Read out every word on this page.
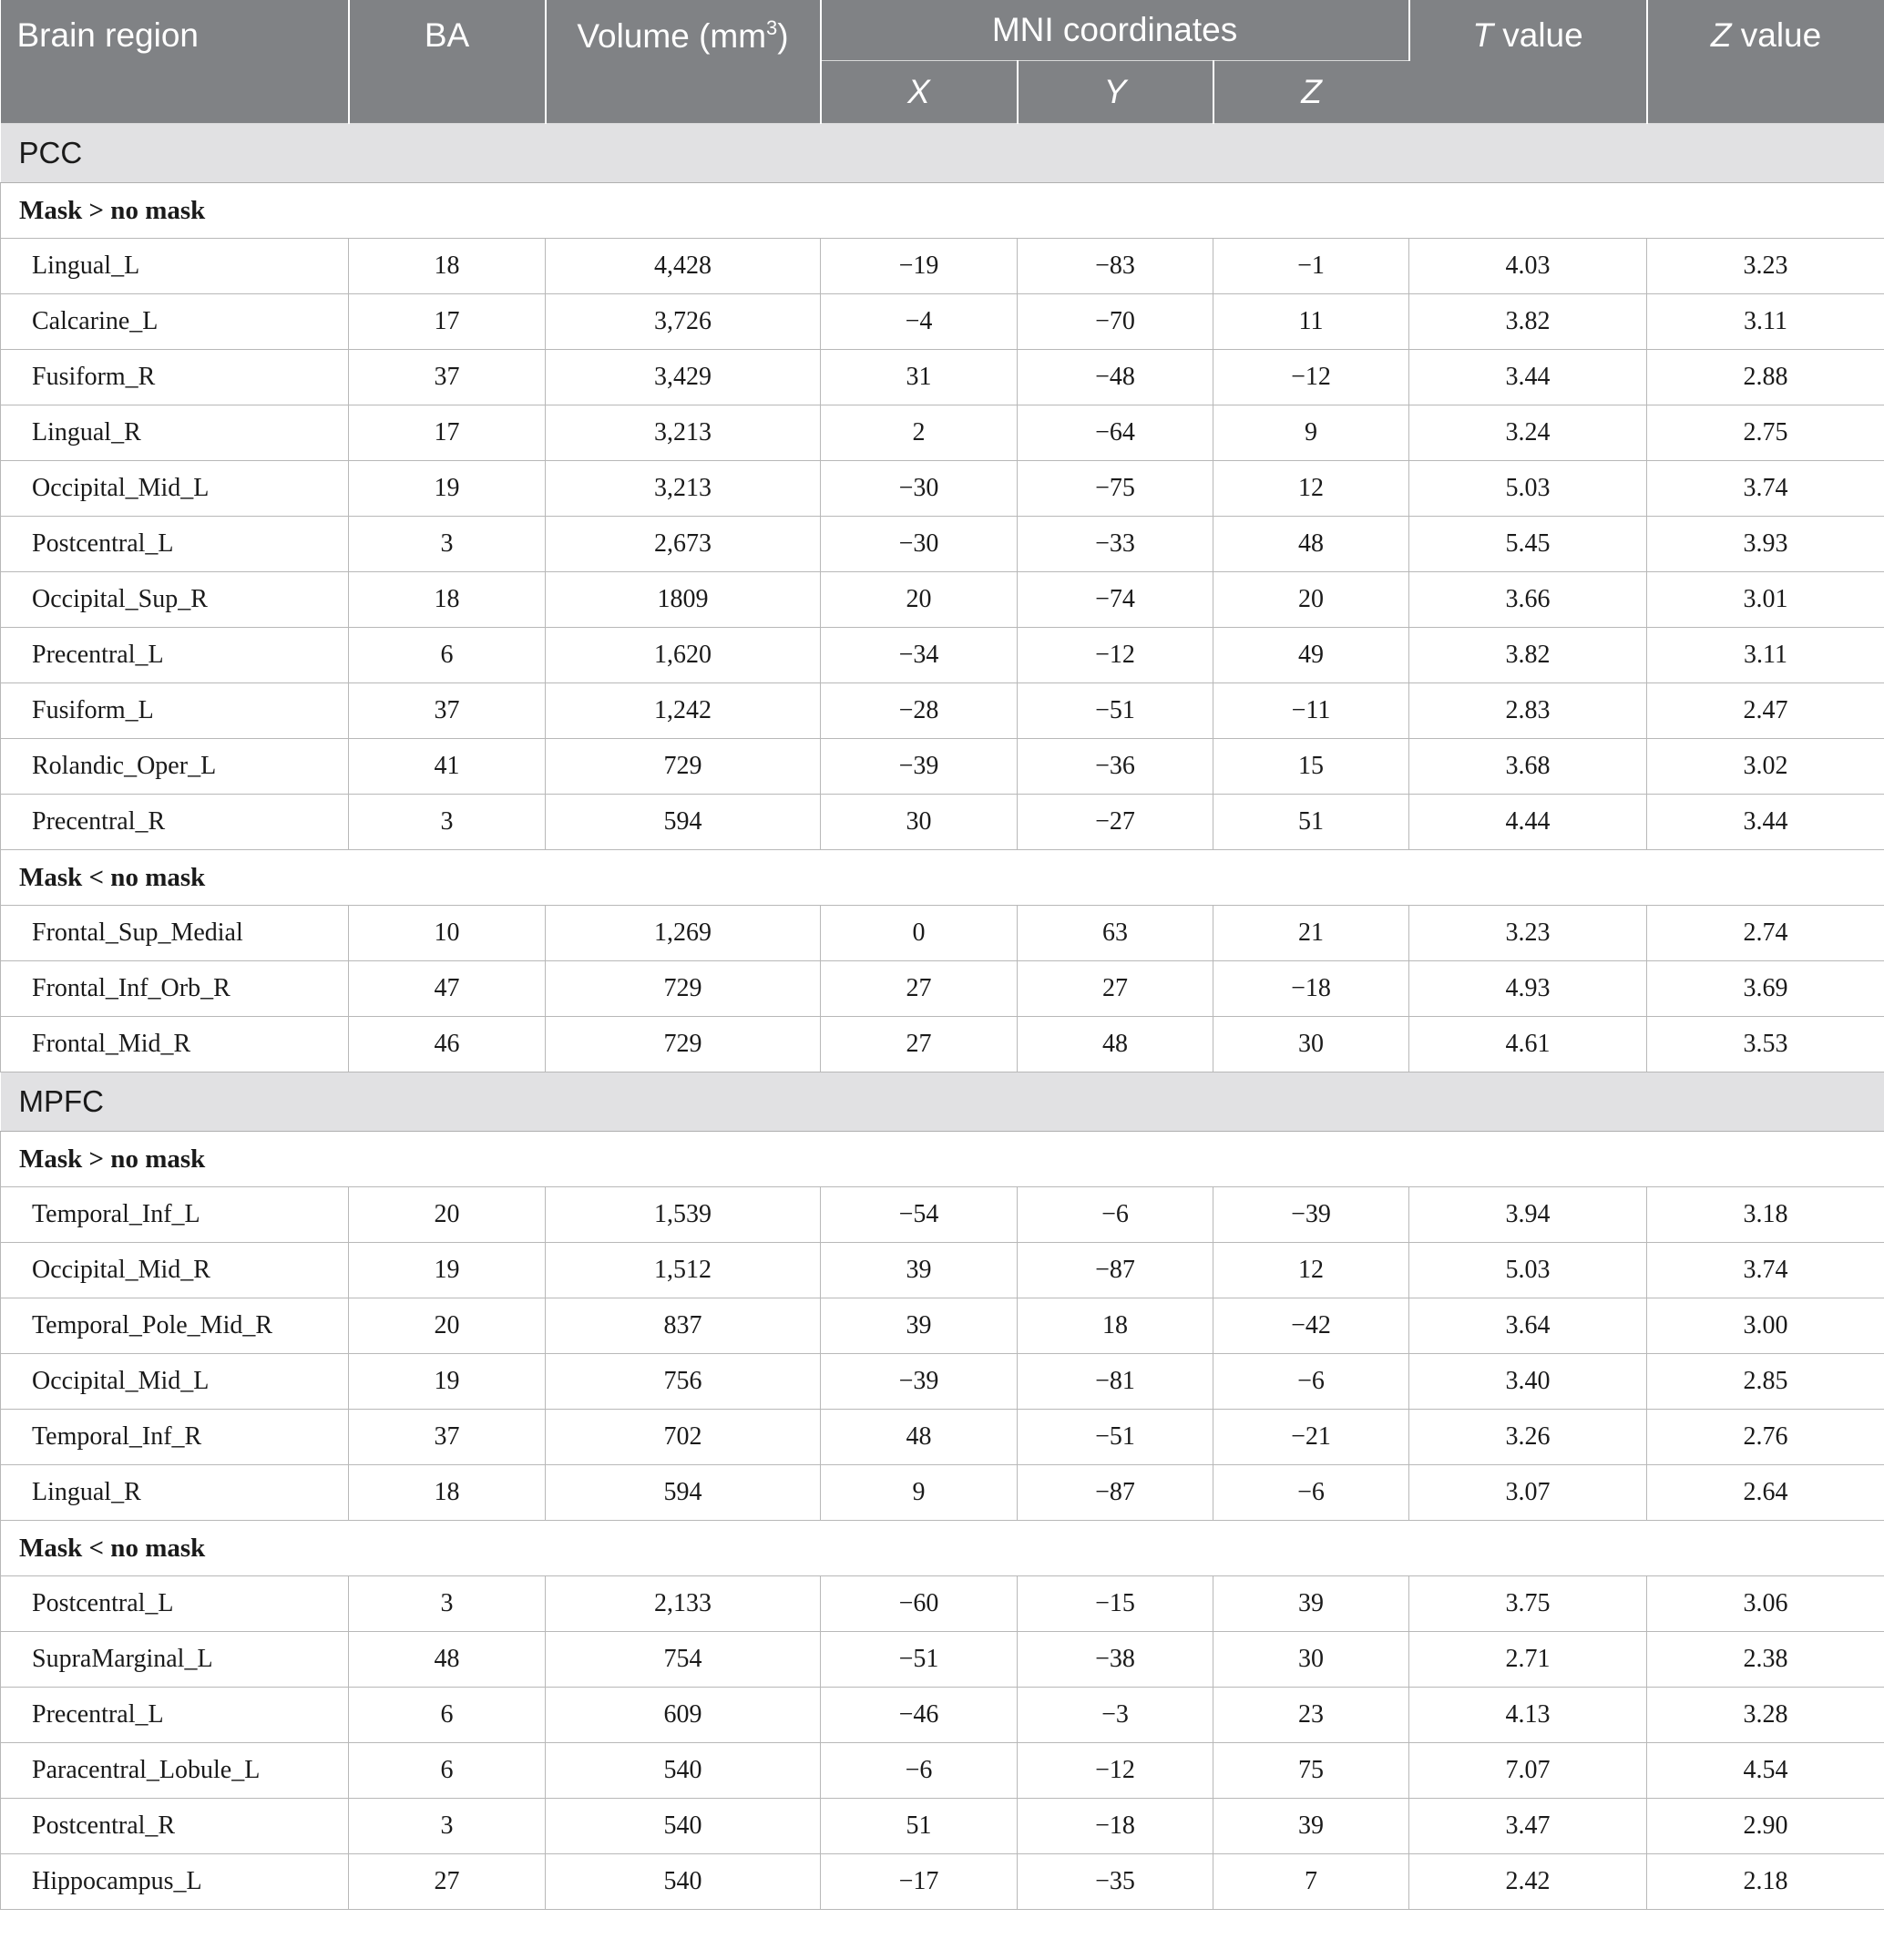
Brain region	BA	Volume $(mm^3)$	MNI coordinates			T value	Z value
			X	Y	Z		
PCC							
Mask > no mask							
Lingual_L	18	4,428	−19	−83	−1	4.03	3.23
Calcarine_L	17	3,726	−4	−70	11	3.82	3.11
Fusiform_R	37	3,429	31	−48	−12	3.44	2.88
Lingual_R	17	3,213	2	−64	9	3.24	2.75
Occipital_Mid_L	19	3,213	−30	−75	12	5.03	3.74
Postcentral_L	3	2,673	−30	−33	48	5.45	3.93
Occipital_Sup_R	18	1809	20	−74	20	3.66	3.01
Precentral_L	6	1,620	−34	−12	49	3.82	3.11
Fusiform_L	37	1,242	−28	−51	−11	2.83	2.47
Rolandic_Oper_L	41	729	−39	−36	15	3.68	3.02
Precentral_R	3	594	30	−27	51	4.44	3.44
Mask < no mask							
Frontal_Sup_Medial	10	1,269	0	63	21	3.23	2.74
Frontal_Inf_Orb_R	47	729	27	27	−18	4.93	3.69
Frontal_Mid_R	46	729	27	48	30	4.61	3.53
MPFC							
Mask > no mask							
Temporal_Inf_L	20	1,539	−54	−6	−39	3.94	3.18
Occipital_Mid_R	19	1,512	39	−87	12	5.03	3.74
Temporal_Pole_Mid_R	20	837	39	18	−42	3.64	3.00
Occipital_Mid_L	19	756	−39	−81	−6	3.40	2.85
Temporal_Inf_R	37	702	48	−51	−21	3.26	2.76
Lingual_R	18	594	9	−87	−6	3.07	2.64
Mask < no mask							
Postcentral_L	3	2,133	−60	−15	39	3.75	3.06
SupraMarginal_L	48	754	−51	−38	30	2.71	2.38
Precentral_L	6	609	−46	−3	23	4.13	3.28
Paracentral_Lobule_L	6	540	−6	−12	75	7.07	4.54
Postcentral_R	3	540	51	−18	39	3.47	2.90
Hippocampus_L	27	540	−17	−35	7	2.42	2.18
